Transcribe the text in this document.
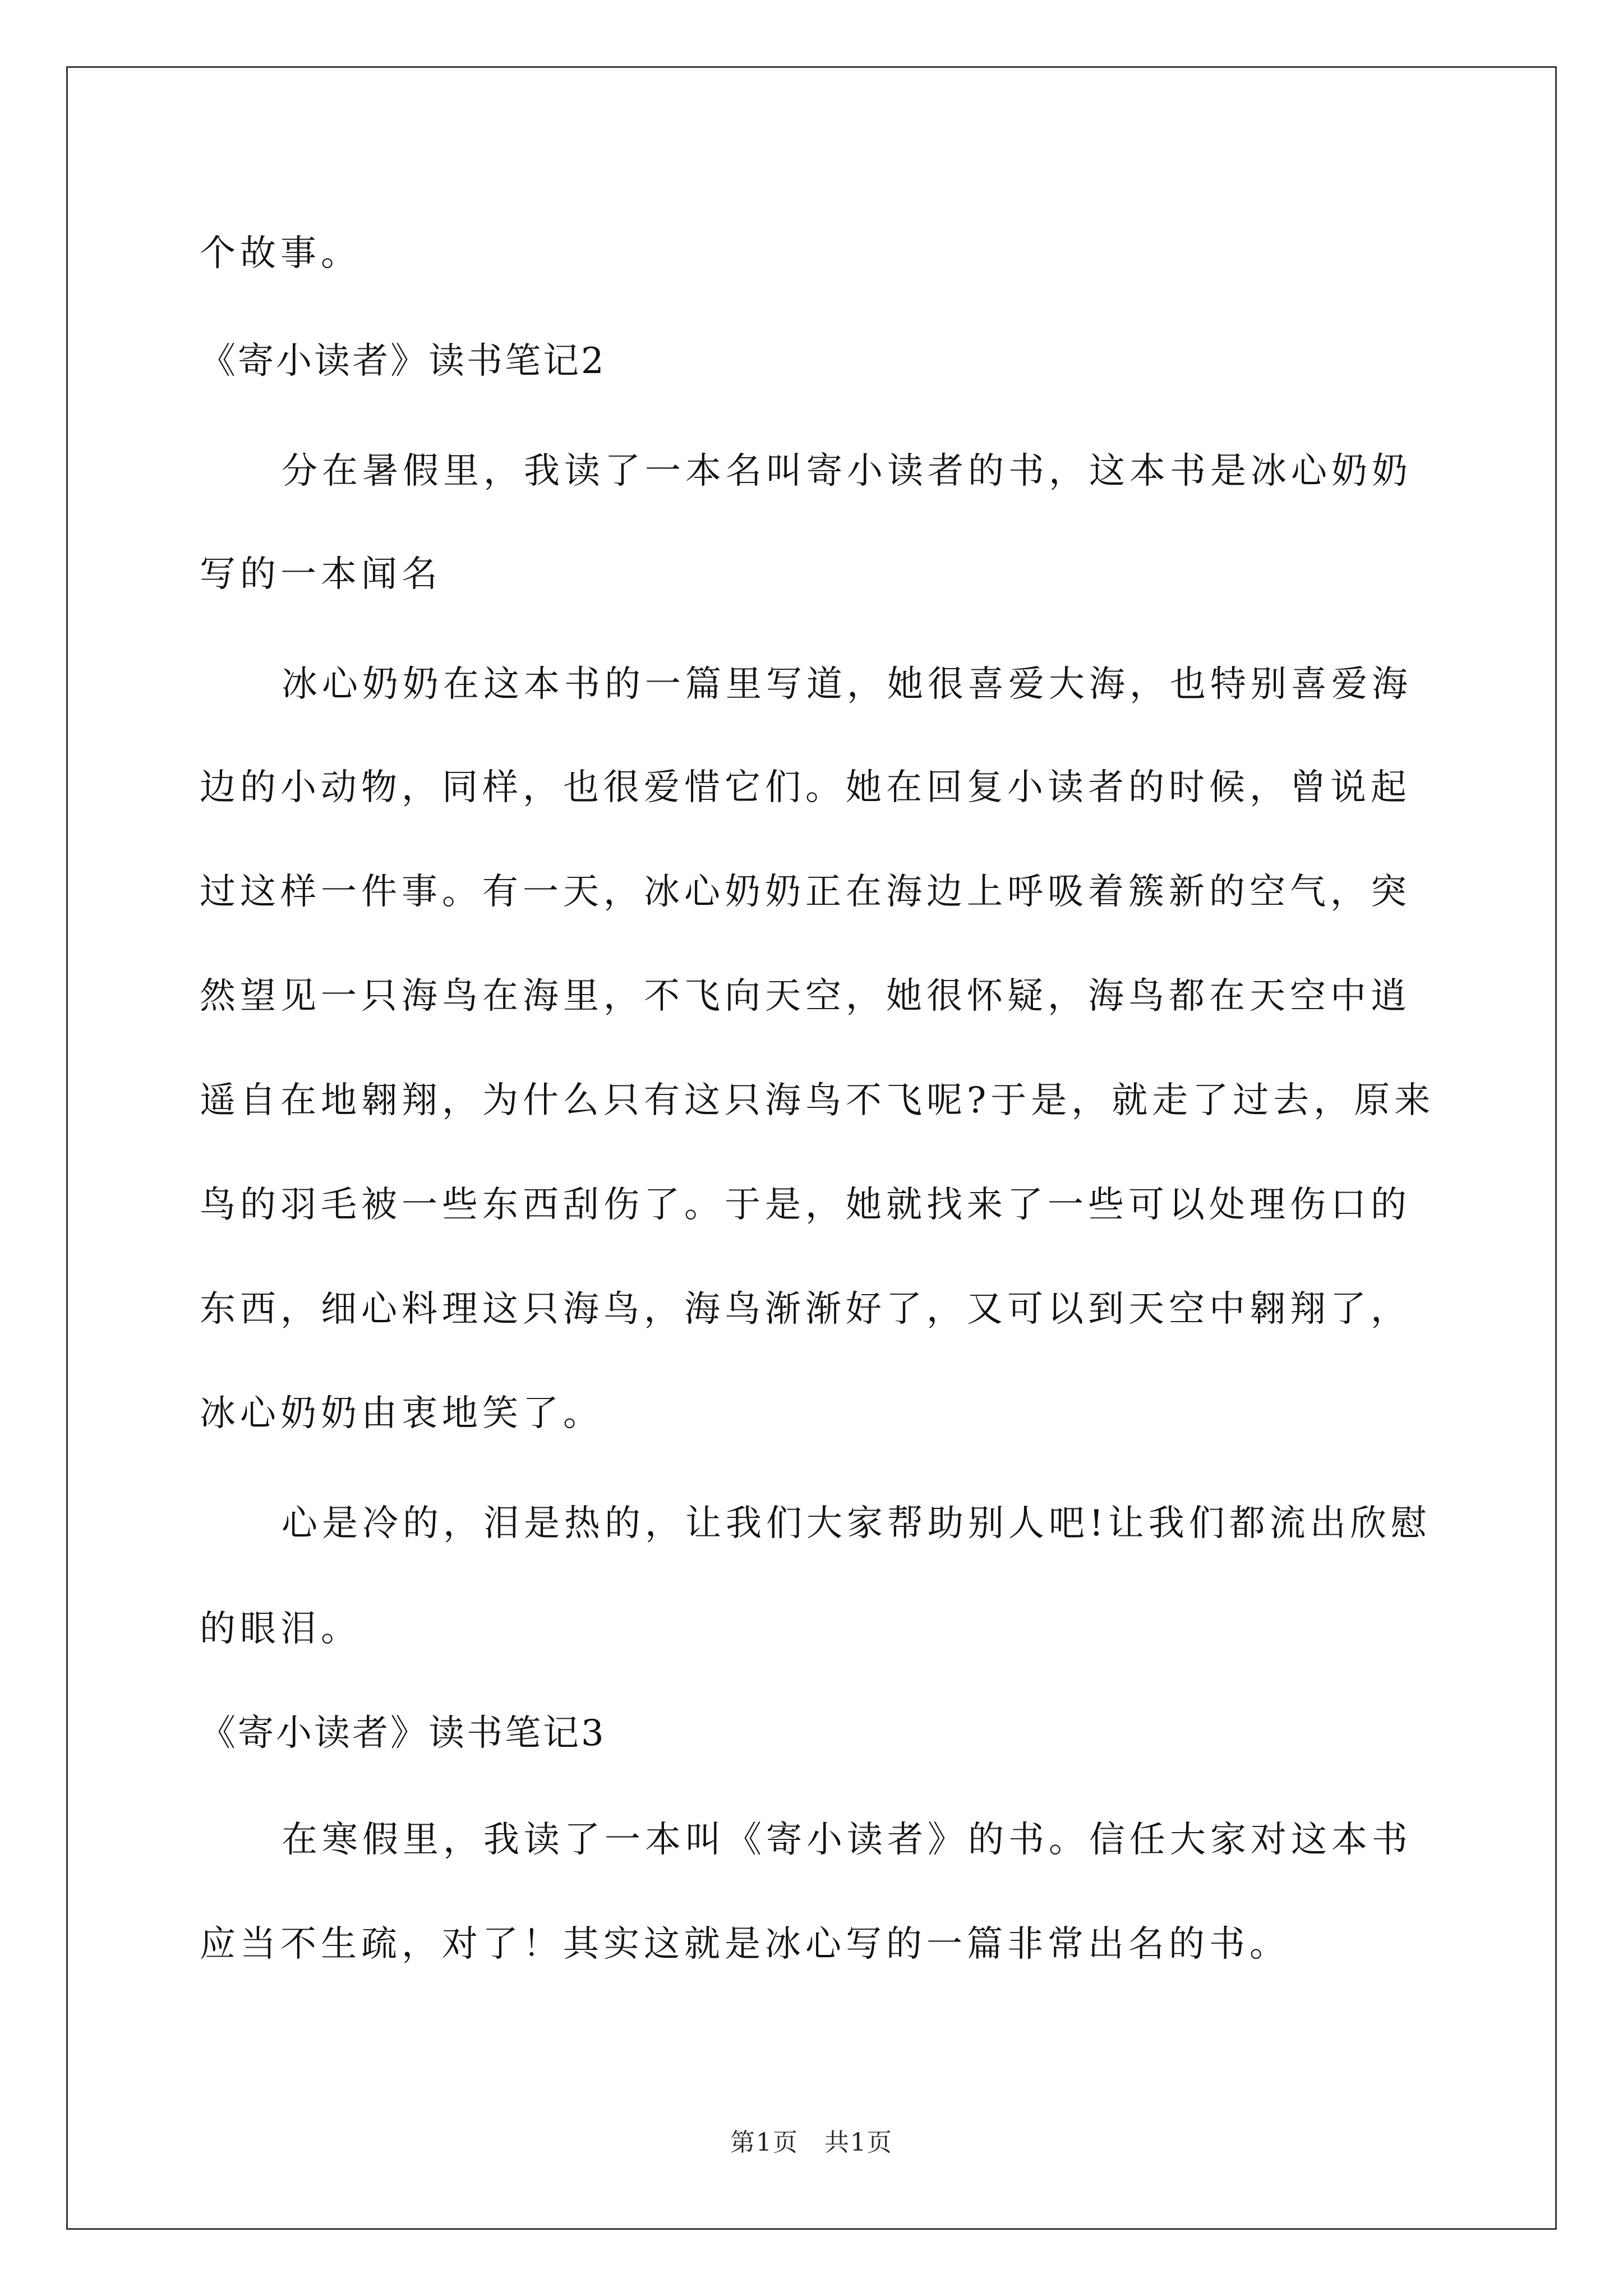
个故事。
《寄小读者》读书笔记2
分在暑假里，我读了一本名叫寄小读者的书，这本书是冰心奶奶
写的一本闻名
冰心奶奶在这本书的一篇里写道，她很喜爱大海，也特别喜爱海
边的小动物，同样，也很爱惜它们。她在回复小读者的时候，曾说起
过这样一件事。有一天，冰心奶奶正在海边上呼吸着簇新的空气，突
然望见一只海鸟在海里，不飞向天空，她很怀疑，海鸟都在天空中逍
遥自在地翱翔，为什么只有这只海鸟不飞呢?于是，就走了过去，原来
鸟的羽毛被一些东西刮伤了。于是，她就找来了一些可以处理伤口的
东西，细心料理这只海鸟，海鸟渐渐好了，又可以到天空中翱翔了，
冰心奶奶由衷地笑了。
心是冷的，泪是热的，让我们大家帮助别人吧!让我们都流出欣慰
的眼泪。
《寄小读者》读书笔记3
在寒假里，我读了一本叫《寄小读者》的书。信任大家对这本书
应当不生疏，对了！其实这就是冰心写的一篇非常出名的书。
第1页　共1页
